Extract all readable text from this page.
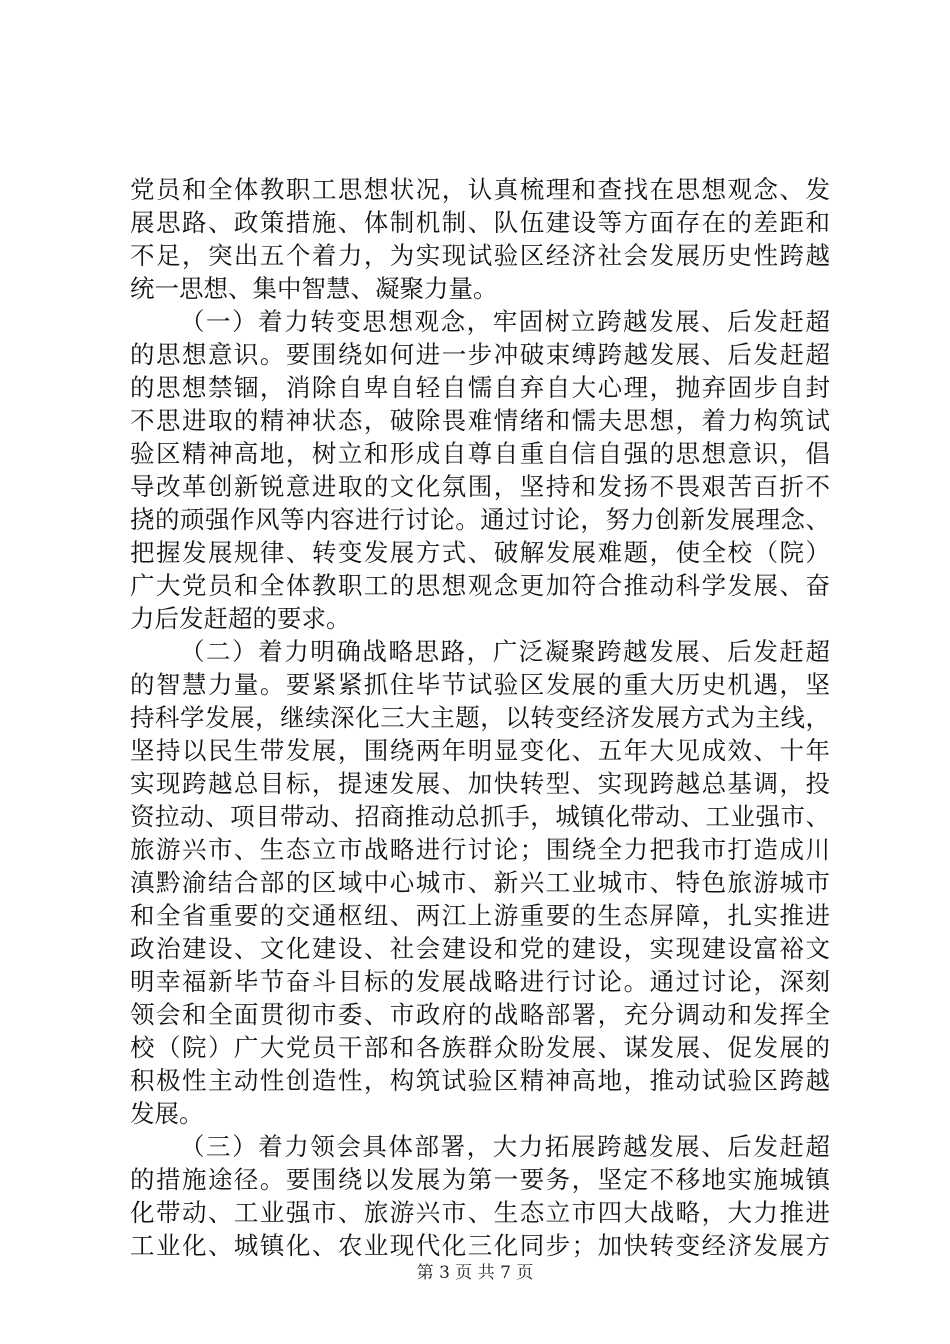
党员和全体教职工思想状况，认真梳理和查找在思想观念、发
展思路、政策措施、体制机制、队伍建设等方面存在的差距和
不足，突出五个着力，为实现试验区经济社会发展历史性跨越
统一思想、集中智慧、凝聚力量。
（一）着力转变思想观念，牢固树立跨越发展、后发赶超
的思想意识。要围绕如何进一步冲破束缚跨越发展、后发赶超
的思想禁锢，消除自卑自轻自懦自弃自大心理，抛弃固步自封
不思进取的精神状态，破除畏难情绪和懦夫思想，着力构筑试
验区精神高地，树立和形成自尊自重自信自强的思想意识，倡
导改革创新锐意进取的文化氛围，坚持和发扬不畏艰苦百折不
挠的顽强作风等内容进行讨论。通过讨论，努力创新发展理念、
把握发展规律、转变发展方式、破解发展难题，使全校（院）
广大党员和全体教职工的思想观念更加符合推动科学发展、奋
力后发赶超的要求。
（二）着力明确战略思路，广泛凝聚跨越发展、后发赶超
的智慧力量。要紧紧抓住毕节试验区发展的重大历史机遇，坚
持科学发展，继续深化三大主题，以转变经济发展方式为主线，
坚持以民生带发展，围绕两年明显变化、五年大见成效、十年
实现跨越总目标，提速发展、加快转型、实现跨越总基调，投
资拉动、项目带动、招商推动总抓手，城镇化带动、工业强市、
旅游兴市、生态立市战略进行讨论；围绕全力把我市打造成川
滇黔渝结合部的区域中心城市、新兴工业城市、特色旅游城市
和全省重要的交通枢纽、两江上游重要的生态屏障，扎实推进
政治建设、文化建设、社会建设和党的建设，实现建设富裕文
明幸福新毕节奋斗目标的发展战略进行讨论。通过讨论，深刻
领会和全面贯彻市委、市政府的战略部署，充分调动和发挥全
校（院）广大党员干部和各族群众盼发展、谋发展、促发展的
积极性主动性创造性，构筑试验区精神高地，推动试验区跨越
发展。
（三）着力领会具体部署，大力拓展跨越发展、后发赶超
的措施途径。要围绕以发展为第一要务，坚定不移地实施城镇
化带动、工业强市、旅游兴市、生态立市四大战略，大力推进
工业化、城镇化、农业现代化三化同步；加快转变经济发展方
第 3 页 共 7 页
